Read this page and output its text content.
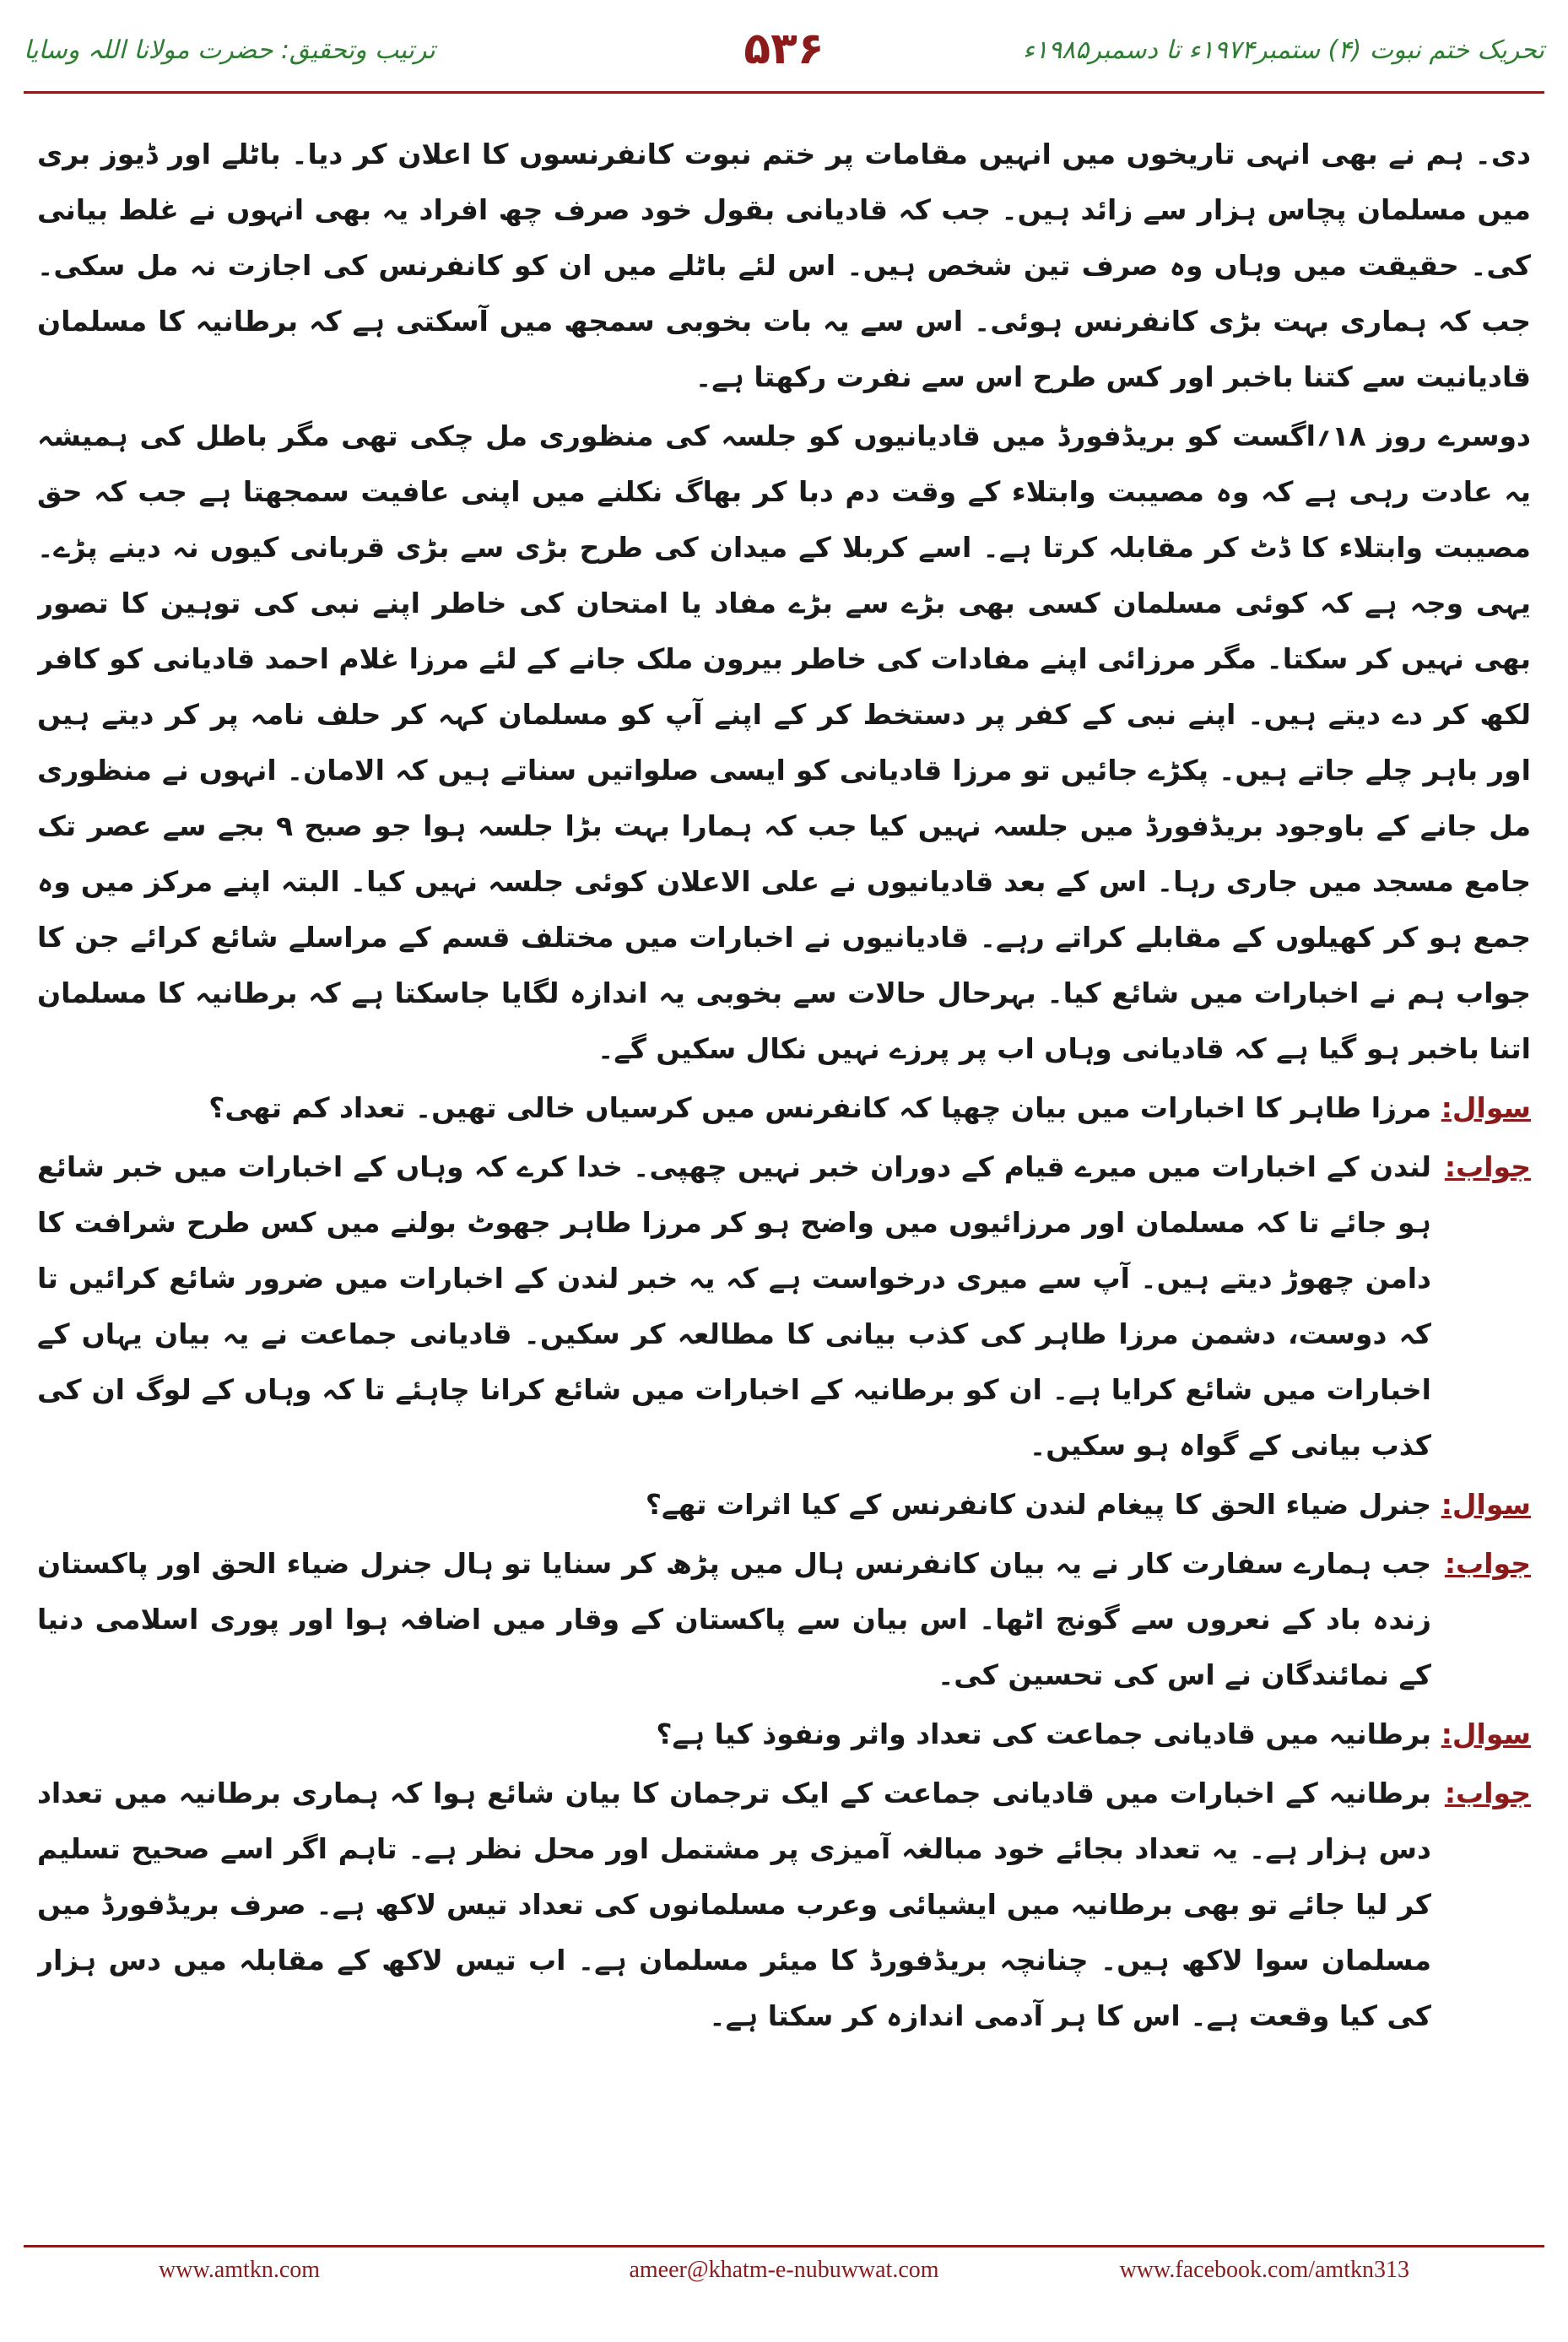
تحریک ختم نبوت (۴) ستمبر۱۹۷۴ء تا دسمبر۱۹۸۵ء
۵۳۶
ترتیب وتحقیق: حضرت مولانا اللہ وسایا

دی۔ ہم نے بھی انہی تاریخوں میں انہیں مقامات پر ختم نبوت کانفرنسوں کا اعلان کر دیا۔ باٹلے اور ڈیوز بری میں مسلمان پچاس ہزار سے زائد ہیں۔ جب کہ قادیانی بقول خود صرف چھ افراد یہ بھی انہوں نے غلط بیانی کی۔ حقیقت میں وہاں وہ صرف تین شخص ہیں۔ اس لئے باٹلے میں ان کو کانفرنس کی اجازت نہ مل سکی۔ جب کہ ہماری بہت بڑی کانفرنس ہوئی۔ اس سے یہ بات بخوبی سمجھ میں آسکتی ہے کہ برطانیہ کا مسلمان قادیانیت سے کتنا باخبر اور کس طرح اس سے نفرت رکھتا ہے۔

دوسرے روز ۱۸؍اگست کو بریڈفورڈ میں قادیانیوں کو جلسہ کی منظوری مل چکی تھی مگر باطل کی ہمیشہ یہ عادت رہی ہے کہ وہ مصیبت وابتلاء کے وقت دم دبا کر بھاگ نکلنے میں اپنی عافیت سمجھتا ہے جب کہ حق مصیبت وابتلاء کا ڈٹ کر مقابلہ کرتا ہے۔ اسے کربلا کے میدان کی طرح بڑی سے بڑی قربانی کیوں نہ دینے پڑے۔ یہی وجہ ہے کہ کوئی مسلمان کسی بھی بڑے سے بڑے مفاد یا امتحان کی خاطر اپنے نبی کی توہین کا تصور بھی نہیں کر سکتا۔ مگر مرزائی اپنے مفادات کی خاطر بیرون ملک جانے کے لئے مرزا غلام احمد قادیانی کو کافر لکھ کر دے دیتے ہیں۔ اپنے نبی کے کفر پر دستخط کر کے اپنے آپ کو مسلمان کہہ کر حلف نامہ پر کر دیتے ہیں اور باہر چلے جاتے ہیں۔ پکڑے جائیں تو مرزا قادیانی کو ایسی صلواتیں سناتے ہیں کہ الامان۔ انہوں نے منظوری مل جانے کے باوجود بریڈفورڈ میں جلسہ نہیں کیا جب کہ ہمارا بہت بڑا جلسہ ہوا جو صبح ۹ بجے سے عصر تک جامع مسجد میں جاری رہا۔ اس کے بعد قادیانیوں نے علی الاعلان کوئی جلسہ نہیں کیا۔ البتہ اپنے مرکز میں وہ جمع ہو کر کھیلوں کے مقابلے کراتے رہے۔ قادیانیوں نے اخبارات میں مختلف قسم کے مراسلے شائع کرائے جن کا جواب ہم نے اخبارات میں شائع کیا۔ بہرحال حالات سے بخوبی یہ اندازہ لگایا جاسکتا ہے کہ برطانیہ کا مسلمان اتنا باخبر ہو گیا ہے کہ قادیانی وہاں اب پر پرزے نہیں نکال سکیں گے۔

سوال:
مرزا طاہر کا اخبارات میں بیان چھپا کہ کانفرنس میں کرسیاں خالی تھیں۔ تعداد کم تھی؟
جواب:
لندن کے اخبارات میں میرے قیام کے دوران خبر نہیں چھپی۔ خدا کرے کہ وہاں کے اخبارات میں خبر شائع ہو جائے تا کہ مسلمان اور مرزائیوں میں واضح ہو کر مرزا طاہر جھوٹ بولنے میں کس طرح شرافت کا دامن چھوڑ دیتے ہیں۔ آپ سے میری درخواست ہے کہ یہ خبر لندن کے اخبارات میں ضرور شائع کرائیں تا کہ دوست، دشمن مرزا طاہر کی کذب بیانی کا مطالعہ کر سکیں۔ قادیانی جماعت نے یہ بیان یہاں کے اخبارات میں شائع کرایا ہے۔ ان کو برطانیہ کے اخبارات میں شائع کرانا چاہئے تا کہ وہاں کے لوگ ان کی کذب بیانی کے گواہ ہو سکیں۔
سوال:
جنرل ضیاء الحق کا پیغام لندن کانفرنس کے کیا اثرات تھے؟
جواب:
جب ہمارے سفارت کار نے یہ بیان کانفرنس ہال میں پڑھ کر سنایا تو ہال جنرل ضیاء الحق اور پاکستان زندہ باد کے نعروں سے گونج اٹھا۔ اس بیان سے پاکستان کے وقار میں اضافہ ہوا اور پوری اسلامی دنیا کے نمائندگان نے اس کی تحسین کی۔
سوال:
برطانیہ میں قادیانی جماعت کی تعداد واثر ونفوذ کیا ہے؟
جواب:
برطانیہ کے اخبارات میں قادیانی جماعت کے ایک ترجمان کا بیان شائع ہوا کہ ہماری برطانیہ میں تعداد دس ہزار ہے۔ یہ تعداد بجائے خود مبالغہ آمیزی پر مشتمل اور محل نظر ہے۔ تاہم اگر اسے صحیح تسلیم کر لیا جائے تو بھی برطانیہ میں ایشیائی وعرب مسلمانوں کی تعداد تیس لاکھ ہے۔ صرف بریڈفورڈ میں مسلمان سوا لاکھ ہیں۔ چنانچہ بریڈفورڈ کا میئر مسلمان ہے۔ اب تیس لاکھ کے مقابلہ میں دس ہزار کی کیا وقعت ہے۔ اس کا ہر آدمی اندازہ کر سکتا ہے۔
www.amtkn.com	ameer@khatm-e-nubuwwat.com	www.facebook.com/amtkn313
